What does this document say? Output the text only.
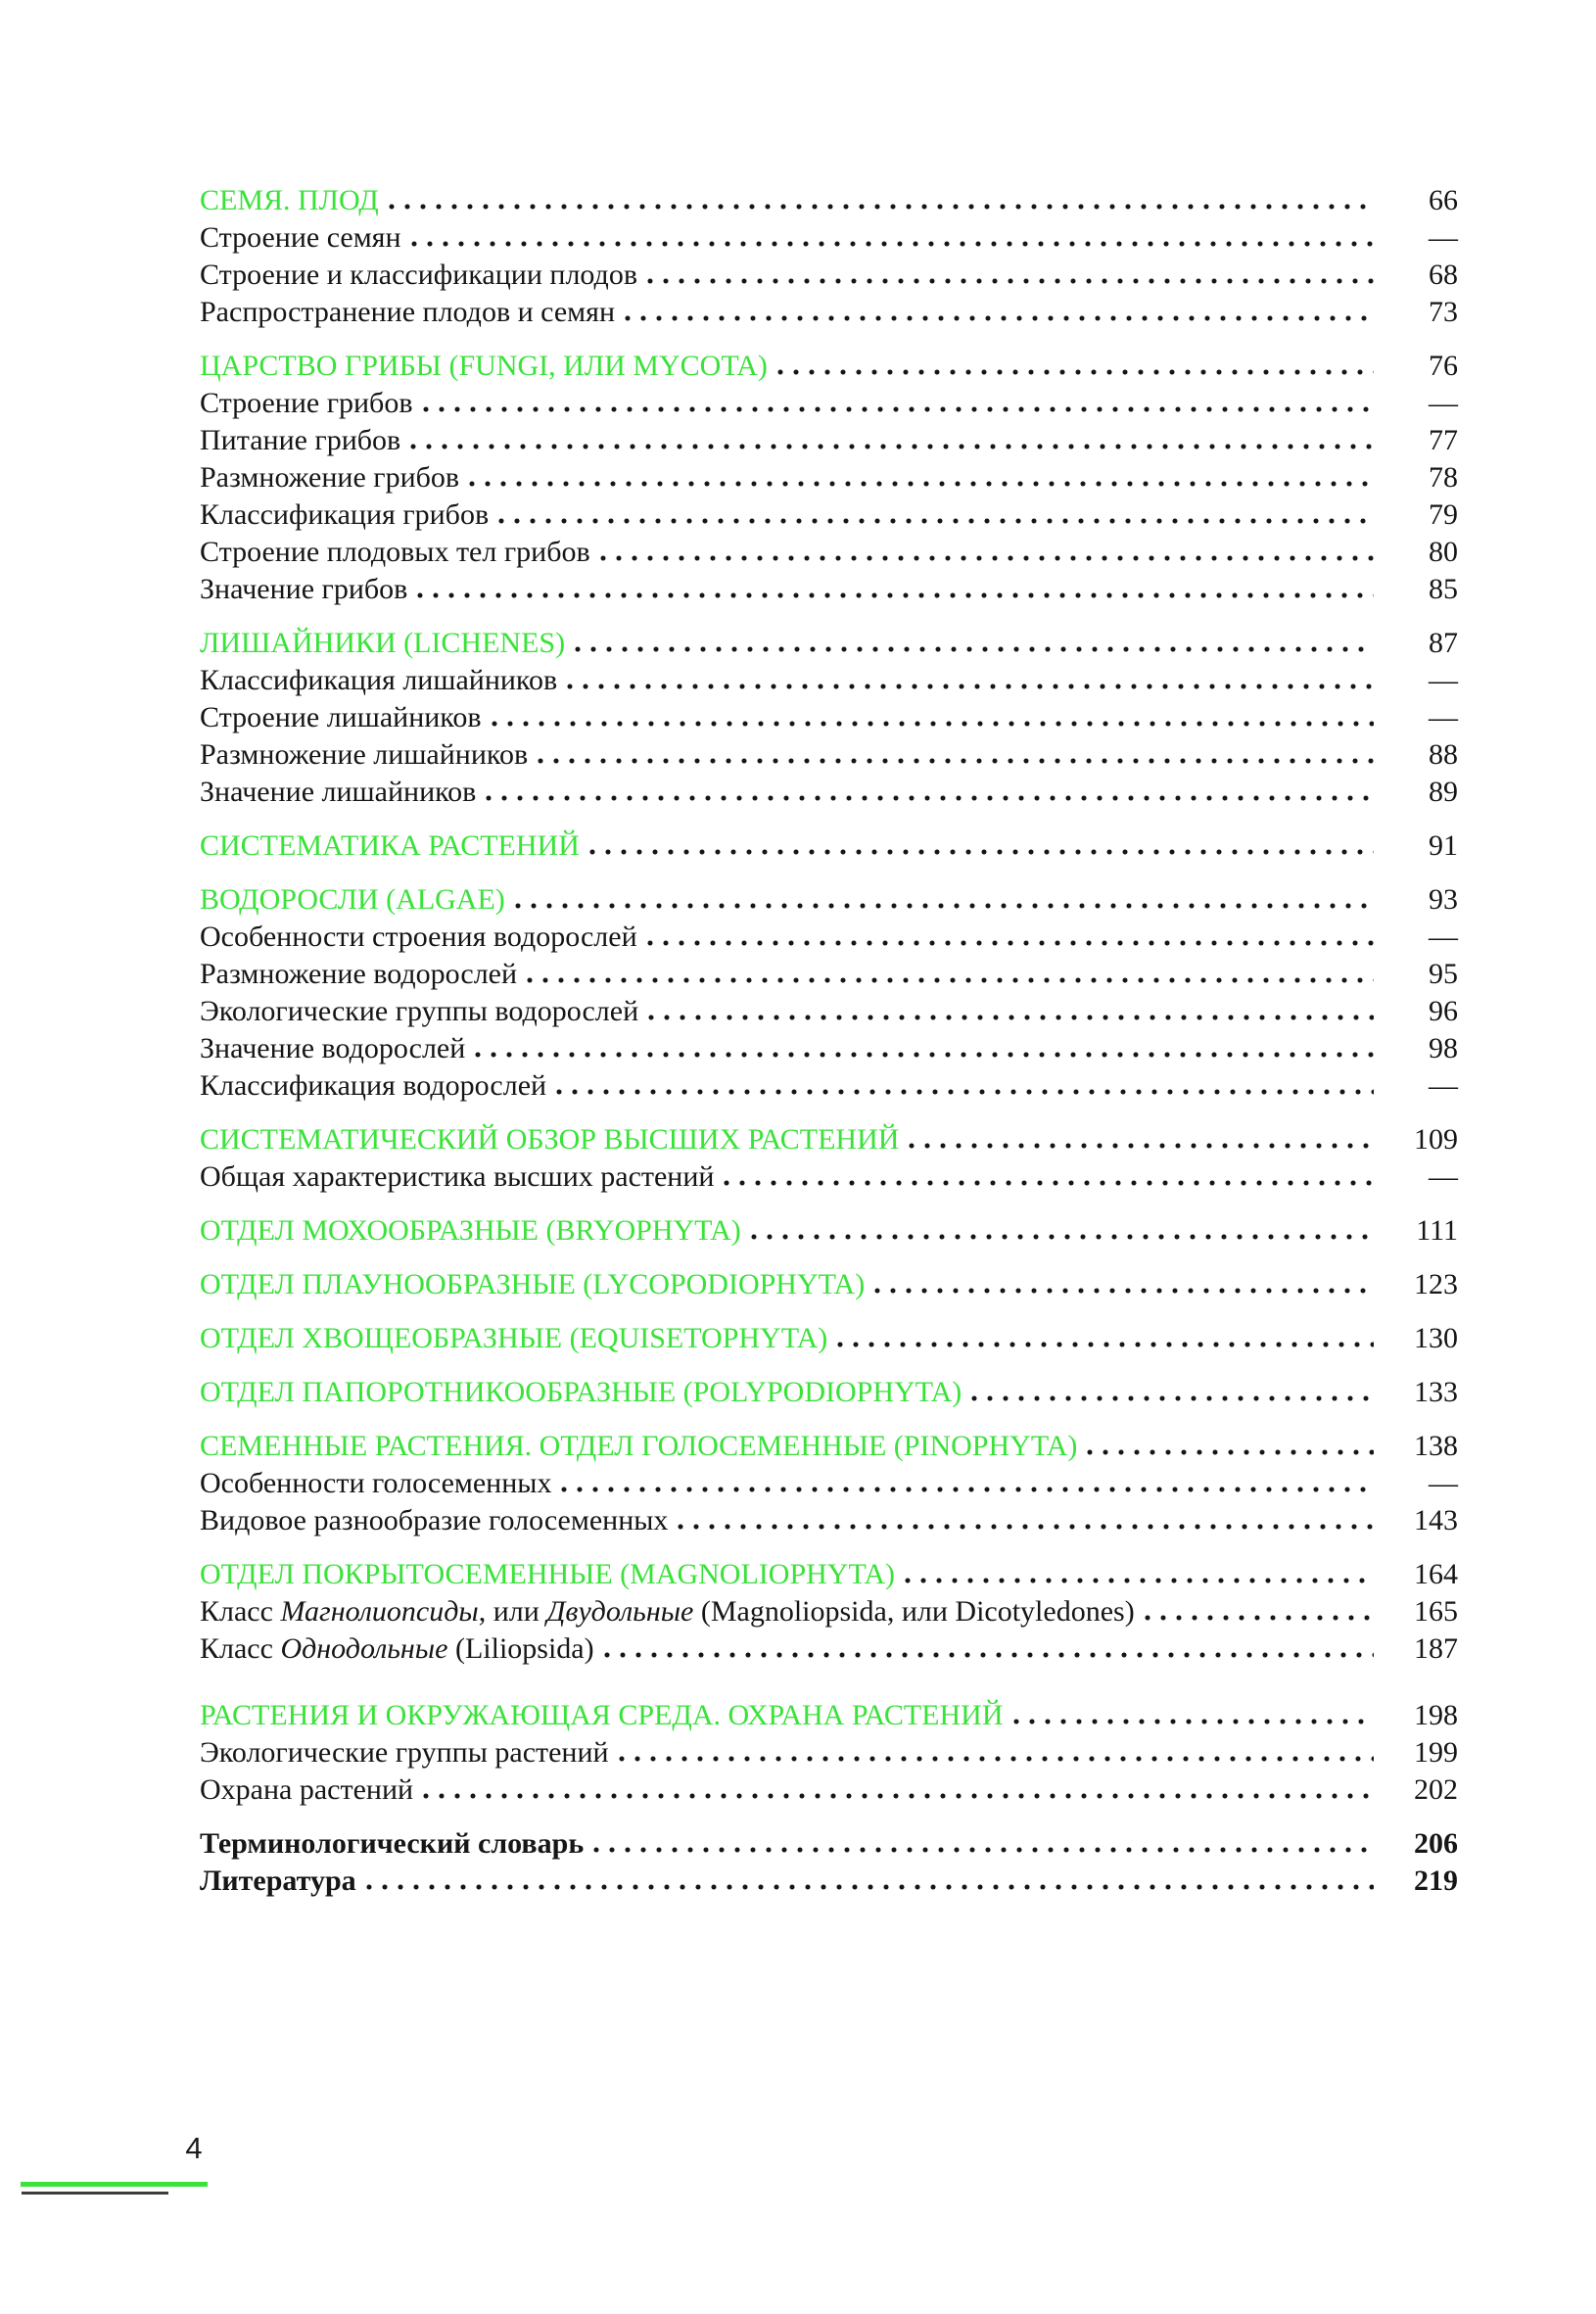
СЕМЯ. ПЛОД	66
Строение семян	—
Строение и классификации плодов	68
Распространение плодов и семян	73
ЦАРСТВО ГРИБЫ (FUNGI, ИЛИ MYCOTA)	76
Строение грибов	—
Питание грибов	77
Размножение грибов	78
Классификация грибов	79
Строение плодовых тел грибов	80
Значение грибов	85
ЛИШАЙНИКИ (LICHENES)	87
Классификация лишайников	—
Строение лишайников	—
Размножение лишайников	88
Значение лишайников	89
СИСТЕМАТИКА РАСТЕНИЙ	91
ВОДОРОСЛИ (ALGAE)	93
Особенности строения водорослей	—
Размножение водорослей	95
Экологические группы водорослей	96
Значение водорослей	98
Классификация водорослей	—
СИСТЕМАТИЧЕСКИЙ ОБЗОР ВЫСШИХ РАСТЕНИЙ	109
Общая характеристика высших растений	—
ОТДЕЛ МОХООБРАЗНЫЕ (BRYOPHYTA)	111
ОТДЕЛ ПЛАУНООБРАЗНЫЕ (LYCOPODIOPHYTA)	123
ОТДЕЛ ХВОЩЕОБРАЗНЫЕ (EQUISETOPHYTA)	130
ОТДЕЛ ПАПОРОТНИКООБРАЗНЫЕ (POLYPODIOPHYTA)	133
СЕМЕННЫЕ РАСТЕНИЯ. ОТДЕЛ ГОЛОСЕМЕННЫЕ (PINOPHYTA)	138
Особенности голосеменных	—
Видовое разнообразие голосеменных	143
ОТДЕЛ ПОКРЫТОСЕМЕННЫЕ (MAGNOLIOPHYTA)	164
Класс Магнолиопсиды, или Двудольные (Magnoliopsida, или Dicotyledones)	165
Класс Однодольные (Liliopsida)	187
РАСТЕНИЯ И ОКРУЖАЮЩАЯ СРЕДА. ОХРАНА РАСТЕНИЙ	198
Экологические группы растений	199
Охрана растений	202
Терминологический словарь	206
Литература	219
4
